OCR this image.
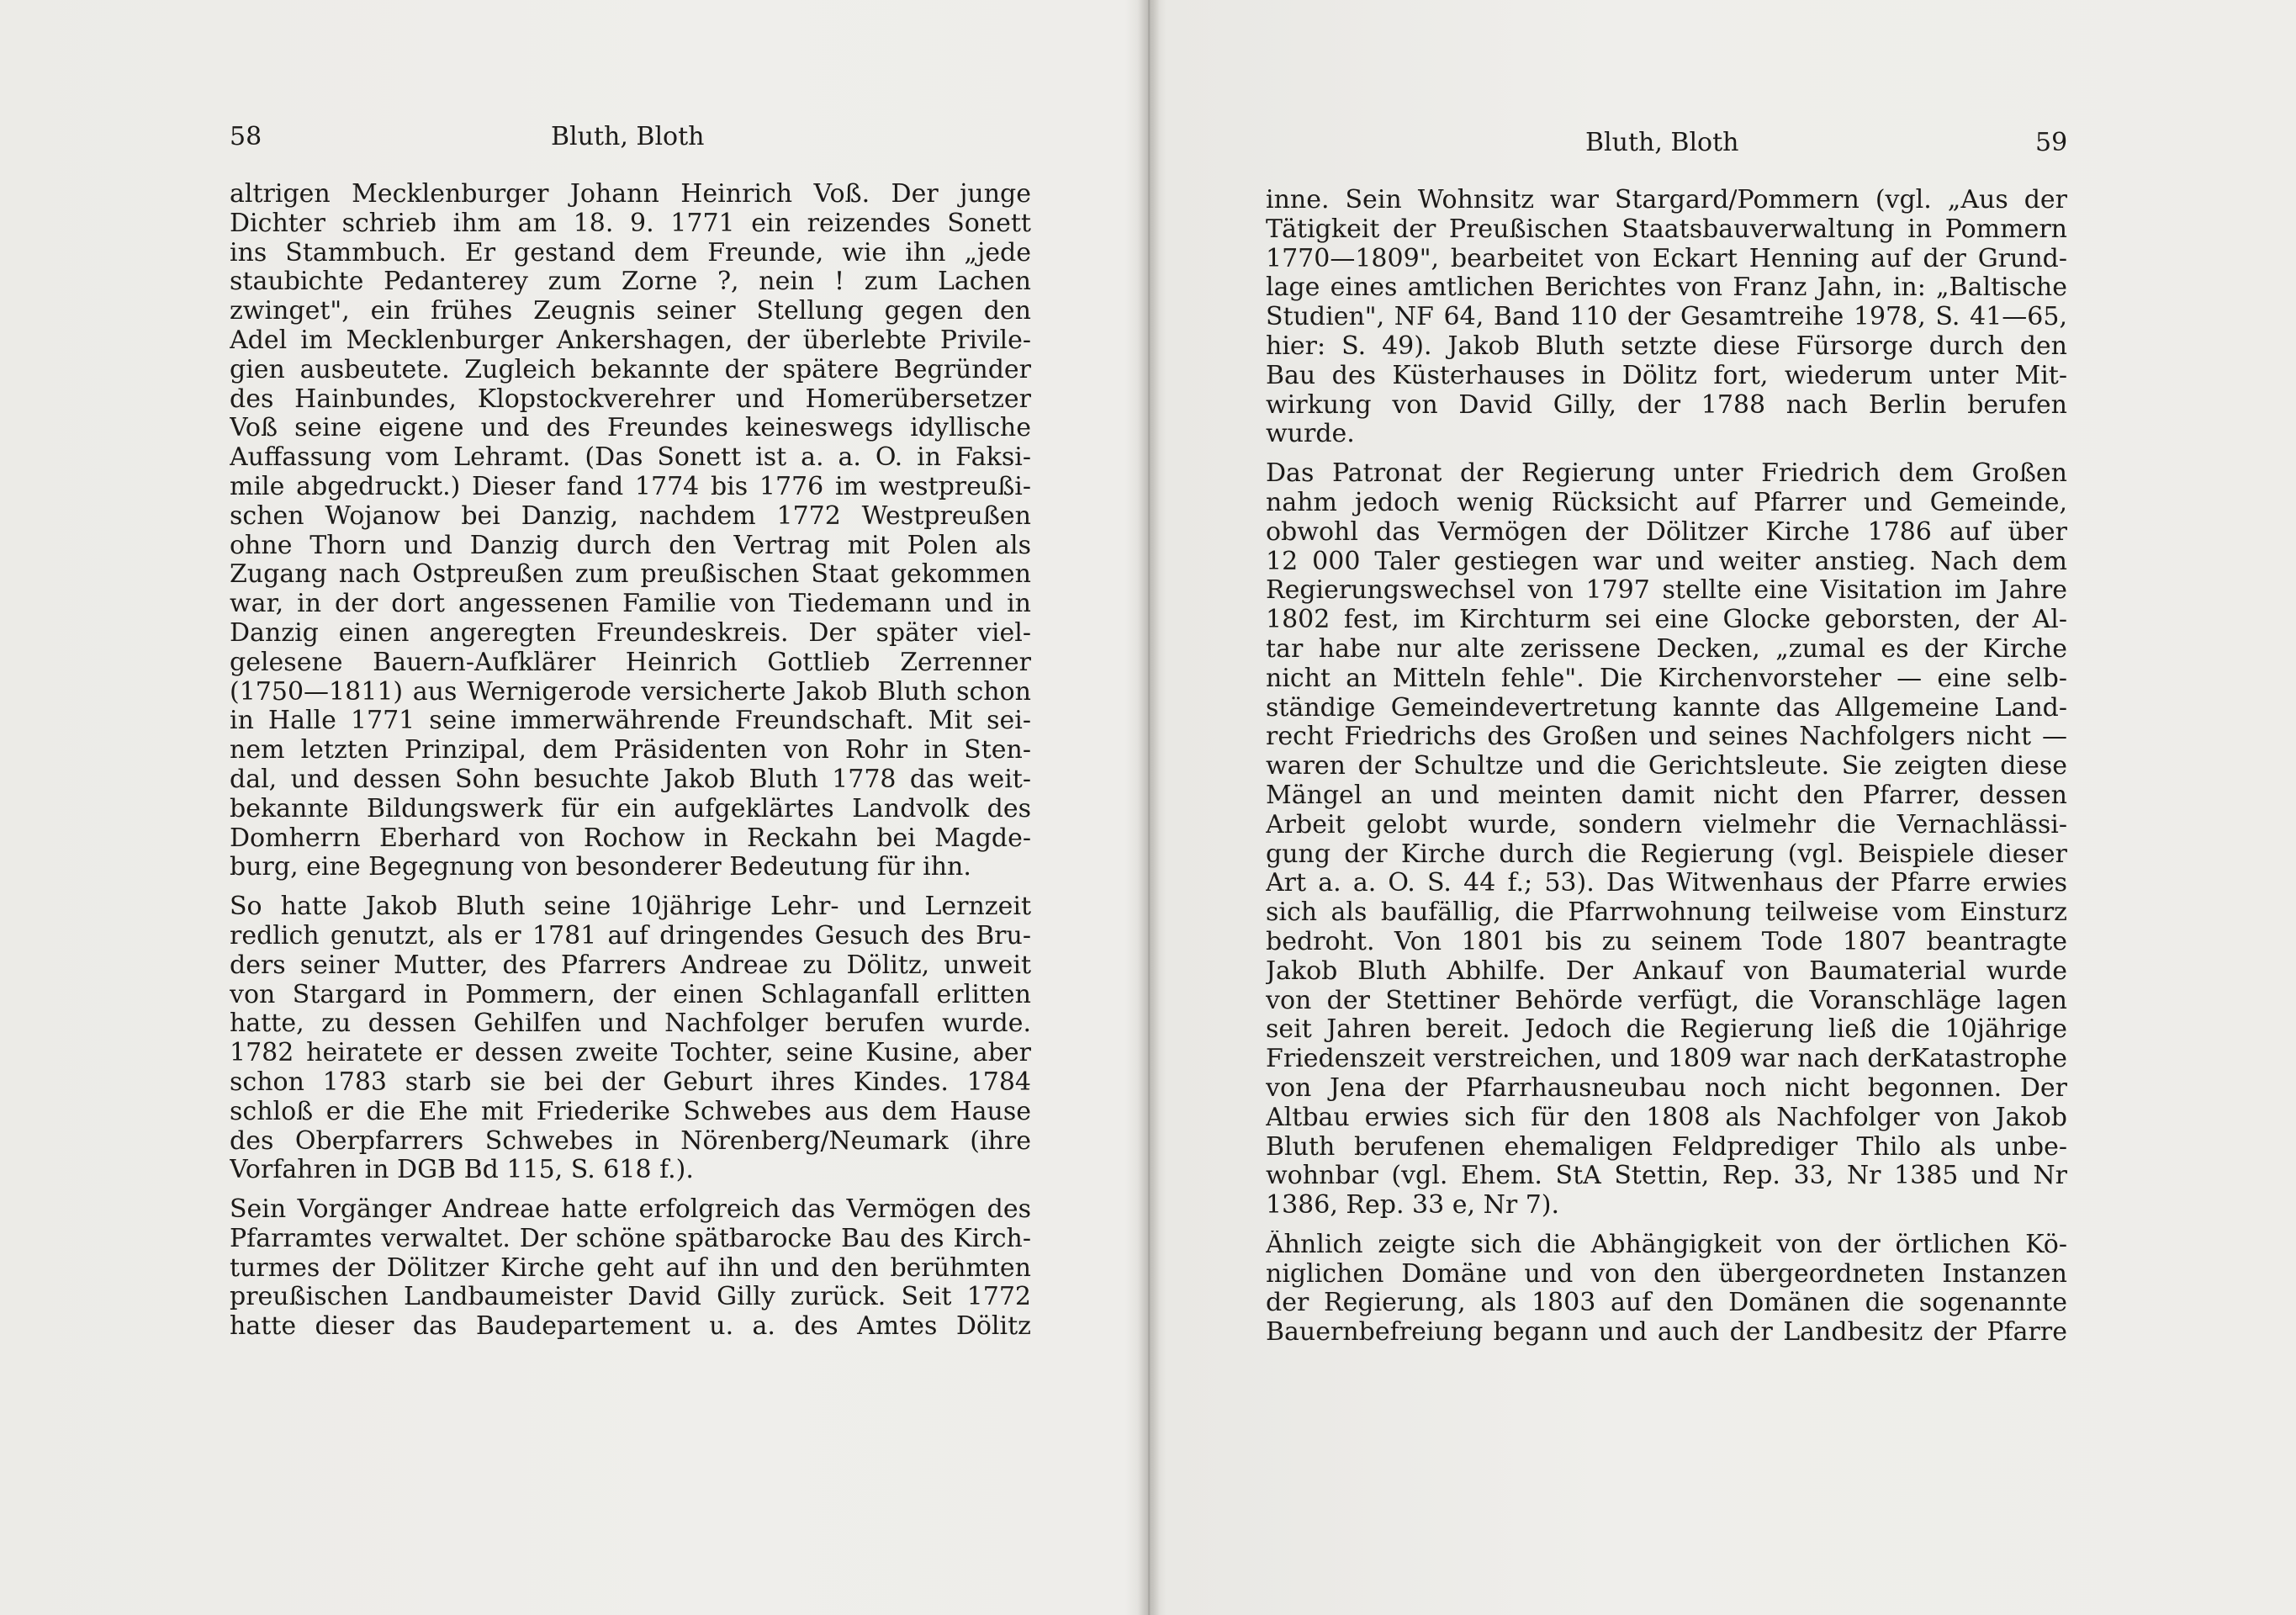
58	Bluth, Bloth
altrigen Mecklenburger Johann Heinrich Voß. Der junge
Dichter schrieb ihm am 18. 9. 1771 ein reizendes Sonett
ins Stammbuch. Er gestand dem Freunde, wie ihn „jede
staubichte Pedanterey zum Zorne ?, nein ! zum Lachen
zwinget", ein frühes Zeugnis seiner Stellung gegen den
Adel im Mecklenburger Ankershagen, der überlebte Privile-
gien ausbeutete. Zugleich bekannte der spätere Begründer
des Hainbundes, Klopstockverehrer und Homerübersetzer
Voß seine eigene und des Freundes keineswegs idyllische
Auffassung vom Lehramt. (Das Sonett ist a. a. O. in Faksi-
mile abgedruckt.) Dieser fand 1774 bis 1776 im westpreußi-
schen Wojanow bei Danzig, nachdem 1772 Westpreußen
ohne Thorn und Danzig durch den Vertrag mit Polen als
Zugang nach Ostpreußen zum preußischen Staat gekommen
war, in der dort angessenen Familie von Tiedemann und in
Danzig einen angeregten Freundeskreis. Der später viel-
gelesene Bauern-Aufklärer Heinrich Gottlieb Zerrenner
(1750—1811) aus Wernigerode versicherte Jakob Bluth schon
in Halle 1771 seine immerwährende Freundschaft. Mit sei-
nem letzten Prinzipal, dem Präsidenten von Rohr in Sten-
dal, und dessen Sohn besuchte Jakob Bluth 1778 das weit-
bekannte Bildungswerk für ein aufgeklärtes Landvolk des
Domherrn Eberhard von Rochow in Reckahn bei Magde-
burg, eine Begegnung von besonderer Bedeutung für ihn.
So hatte Jakob Bluth seine 10jährige Lehr- und Lernzeit
redlich genutzt, als er 1781 auf dringendes Gesuch des Bru-
ders seiner Mutter, des Pfarrers Andreae zu Dölitz, unweit
von Stargard in Pommern, der einen Schlaganfall erlitten
hatte, zu dessen Gehilfen und Nachfolger berufen wurde.
1782 heiratete er dessen zweite Tochter, seine Kusine, aber
schon 1783 starb sie bei der Geburt ihres Kindes. 1784
schloß er die Ehe mit Friederike Schwebes aus dem Hause
des Oberpfarrers Schwebes in Nörenberg/Neumark (ihre
Vorfahren in DGB Bd 115, S. 618 f.).
Sein Vorgänger Andreae hatte erfolgreich das Vermögen des
Pfarramtes verwaltet. Der schöne spätbarocke Bau des Kirch-
turmes der Dölitzer Kirche geht auf ihn und den berühmten
preußischen Landbaumeister David Gilly zurück. Seit 1772
hatte dieser das Baudepartement u. a. des Amtes Dölitz
Bluth, Bloth	59
inne. Sein Wohnsitz war Stargard/Pommern (vgl. „Aus der
Tätigkeit der Preußischen Staatsbauverwaltung in Pommern
1770—1809", bearbeitet von Eckart Henning auf der Grund-
lage eines amtlichen Berichtes von Franz Jahn, in: „Baltische
Studien", NF 64, Band 110 der Gesamtreihe 1978, S. 41—65,
hier: S. 49). Jakob Bluth setzte diese Fürsorge durch den
Bau des Küsterhauses in Dölitz fort, wiederum unter Mit-
wirkung von David Gilly, der 1788 nach Berlin berufen
wurde.
Das Patronat der Regierung unter Friedrich dem Großen
nahm jedoch wenig Rücksicht auf Pfarrer und Gemeinde,
obwohl das Vermögen der Dölitzer Kirche 1786 auf über
12 000 Taler gestiegen war und weiter anstieg. Nach dem
Regierungswechsel von 1797 stellte eine Visitation im Jahre
1802 fest, im Kirchturm sei eine Glocke geborsten, der Al-
tar habe nur alte zerissene Decken, „zumal es der Kirche
nicht an Mitteln fehle". Die Kirchenvorsteher — eine selb-
ständige Gemeindevertretung kannte das Allgemeine Land-
recht Friedrichs des Großen und seines Nachfolgers nicht —
waren der Schultze und die Gerichtsleute. Sie zeigten diese
Mängel an und meinten damit nicht den Pfarrer, dessen
Arbeit gelobt wurde, sondern vielmehr die Vernachlässi-
gung der Kirche durch die Regierung (vgl. Beispiele dieser
Art a. a. O. S. 44 f.; 53). Das Witwenhaus der Pfarre erwies
sich als baufällig, die Pfarrwohnung teilweise vom Einsturz
bedroht. Von 1801 bis zu seinem Tode 1807 beantragte
Jakob Bluth Abhilfe. Der Ankauf von Baumaterial wurde
von der Stettiner Behörde verfügt, die Voranschläge lagen
seit Jahren bereit. Jedoch die Regierung ließ die 10jährige
Friedenszeit verstreichen, und 1809 war nach derKatastrophe
von Jena der Pfarrhausneubau noch nicht begonnen. Der
Altbau erwies sich für den 1808 als Nachfolger von Jakob
Bluth berufenen ehemaligen Feldprediger Thilo als unbe-
wohnbar (vgl. Ehem. StA Stettin, Rep. 33, Nr 1385 und Nr
1386, Rep. 33 e, Nr 7).
Ähnlich zeigte sich die Abhängigkeit von der örtlichen Kö-
niglichen Domäne und von den übergeordneten Instanzen
der Regierung, als 1803 auf den Domänen die sogenannte
Bauernbefreiung begann und auch der Landbesitz der Pfarre
